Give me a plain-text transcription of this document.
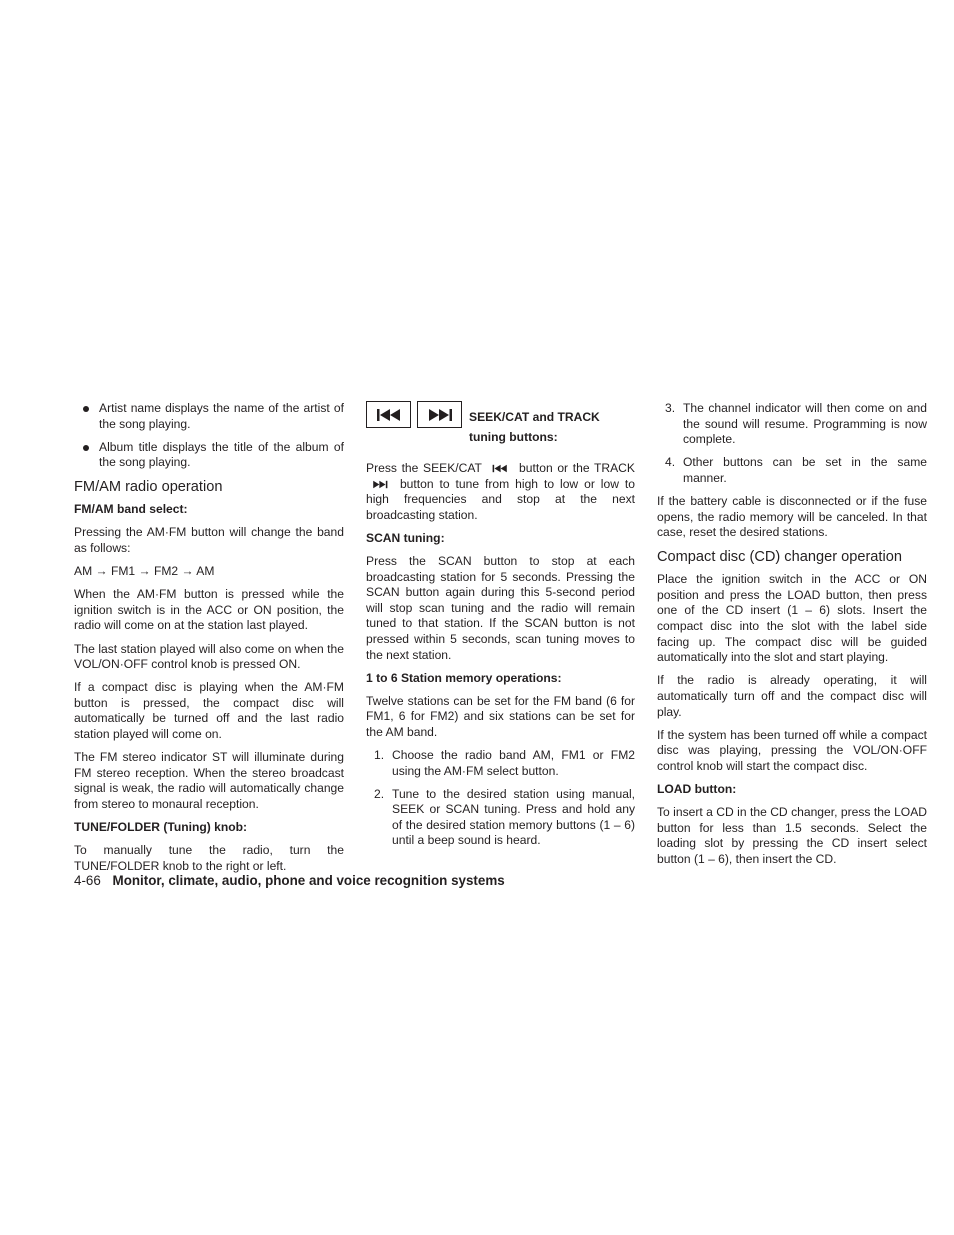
Artist name displays the name of the artist of the song playing.
Album title displays the title of the album of the song playing.
FM/AM radio operation
FM/AM band select:

Pressing the AM·FM button will change the band as follows:

AM → FM1 → FM2 → AM

When the AM·FM button is pressed while the ignition switch is in the ACC or ON position, the radio will come on at the station last played.

The last station played will also come on when the VOL/ON·OFF control knob is pressed ON.

If a compact disc is playing when the AM·FM button is pressed, the compact disc will automatically be turned off and the last radio station played will come on.

The FM stereo indicator ST will illuminate during FM stereo reception. When the stereo broadcast signal is weak, the radio will automatically change from stereo to monaural reception.

TUNE/FOLDER (Tuning) knob:

To manually tune the radio, turn the TUNE/FOLDER knob to the right or left.

SEEK/CAT and TRACK
tuning buttons:

Press the SEEK/CAT	button or the TRACK  button to tune from high to low or low to high frequencies and stop at the next broadcasting station.

SCAN tuning:

Press the SCAN button to stop at each broadcasting station for 5 seconds. Pressing the SCAN button again during this 5-second period will stop scan tuning and the radio will remain tuned to that station. If the SCAN button is not pressed within 5 seconds, scan tuning moves to the next station.

1 to 6 Station memory operations:

Twelve stations can be set for the FM band (6 for FM1, 6 for FM2) and six stations can be set for the AM band.

1. Choose the radio band AM, FM1 or FM2 using the AM·FM select button.
2. Tune to the desired station using manual, SEEK or SCAN tuning. Press and hold any of the desired station memory buttons (1 – 6) until a beep sound is heard.
3. The channel indicator will then come on and the sound will resume. Programming is now complete.
4. Other buttons can be set in the same manner.

If the battery cable is disconnected or if the fuse opens, the radio memory will be canceled. In that case, reset the desired stations.

Compact disc (CD) changer operation

Place the ignition switch in the ACC or ON position and press the LOAD button, then press one of the CD insert (1 – 6) slots. Insert the compact disc into the slot with the label side facing up. The compact disc will be guided automatically into the slot and start playing.

If the radio is already operating, it will automatically turn off and the compact disc will play.

If the system has been turned off while a compact disc was playing, pressing the VOL/ON·OFF control knob will start the compact disc.

LOAD button:

To insert a CD in the CD changer, press the LOAD button for less than 1.5 seconds. Select the loading slot by pressing the CD insert select button (1 – 6), then insert the CD.

4-66 Monitor, climate, audio, phone and voice recognition systems
